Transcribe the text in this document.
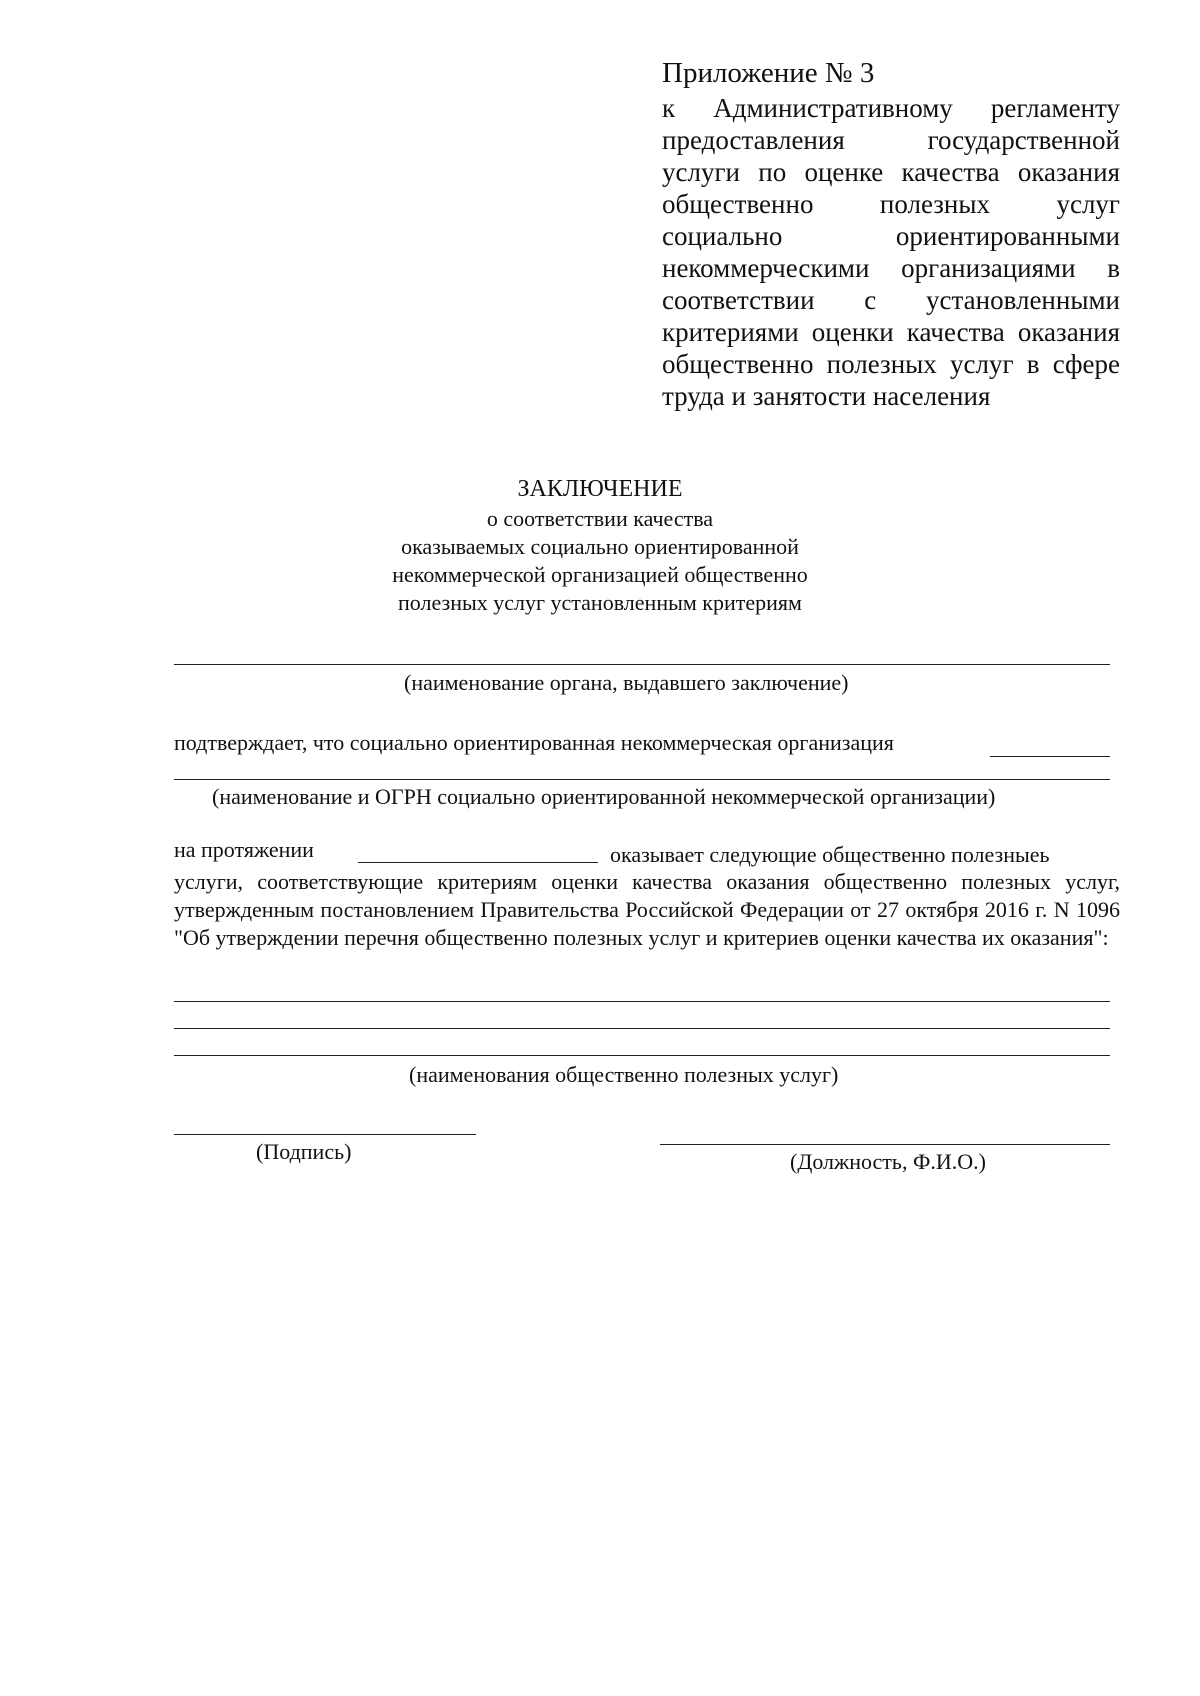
Приложение № 3
к Административному регламенту предоставления государственной услуги по оценке качества оказания общественно полезных услуг социально ориентированными некоммерческими организациями в соответствии с установленными критериями оценки качества оказания общественно полезных услуг в сфере труда и занятости населения
ЗАКЛЮЧЕНИЕ
о соответствии качества
оказываемых социально ориентированной
некоммерческой организацией общественно
полезных услуг установленным критериям
(наименование органа, выдавшего заключение)
подтверждает, что социально ориентированная некоммерческая организация
(наименование и ОГРН социально ориентированной некоммерческой организации)
на протяжении	оказывает следующие общественно полезныеь

услуги, соответствующие критериям оценки качества оказания общественно полезных услуг, утвержденным постановлением Правительства Российской Федерации от 27 октября 2016 г. N 1096 "Об утверждении перечня общественно полезных услуг и критериев оценки качества их оказания":

(наименования общественно полезных услуг)
(Подпись)	(Должность, Ф.И.О.)
